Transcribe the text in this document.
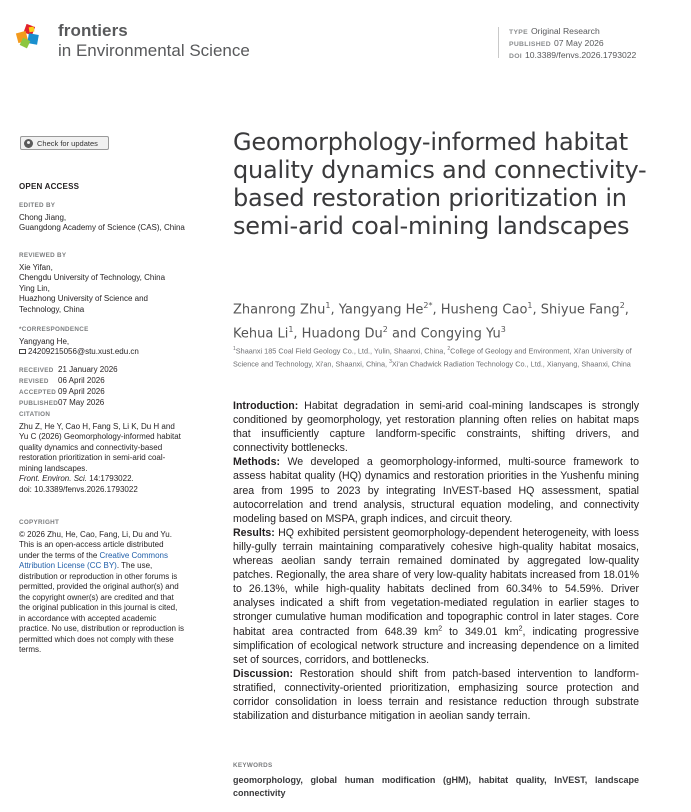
frontiers
in Environmental Science
TYPE Original Research
PUBLISHED 07 May 2026
DOI 10.3389/fenvs.2026.1793022
Check for updates
OPEN ACCESS
EDITED BY
Chong Jiang,
Guangdong Academy of Science (CAS), China
REVIEWED BY
Xie Yifan,
Chengdu University of Technology, China
Ying Lin,
Huazhong University of Science and Technology, China
*CORRESPONDENCE
Yangyang He,
24209215056@stu.xust.edu.cn
RECEIVED 21 January 2026
REVISED 06 April 2026
ACCEPTED 09 April 2026
PUBLISHED07 May 2026
CITATION
Zhu Z, He Y, Cao H, Fang S, Li K, Du H and Yu C (2026) Geomorphology-informed habitat quality dynamics and connectivity-based restoration prioritization in semi-arid coal-mining landscapes.
Front. Environ. Sci. 14:1793022.
doi: 10.3389/fenvs.2026.1793022
COPYRIGHT
© 2026 Zhu, He, Cao, Fang, Li, Du and Yu. This is an open-access article distributed under the terms of the Creative Commons Attribution License (CC BY). The use, distribution or reproduction in other forums is permitted, provided the original author(s) and the copyright owner(s) are credited and that the original publication in this journal is cited, in accordance with accepted academic practice. No use, distribution or reproduction is permitted which does not comply with these terms.
Geomorphology-informed habitat quality dynamics and connectivity-based restoration prioritization in semi-arid coal-mining landscapes
Zhanrong Zhu$^1$, Yangyang $He^{2*}$, Husheng Cao$^1$, Shiyue Fang$^2$, Kehua Li$^1$, Huadong Du$^2$ and Congying Yu$^3$
$^1$Shaanxi 185 Coal Field Geology Co., Ltd., Yulin, Shaanxi, China, $^2$College of Geology and Environment, Xi'an University of Science and Technology, Xi'an, Shaanxi, China, $^3$Xi'an Chadwick Radiation Technology Co., Ltd., Xianyang, Shaanxi, China

Introduction: Habitat degradation in semi-arid coal-mining landscapes is strongly conditioned by geomorphology, yet restoration planning often relies on habitat maps that insufficiently capture landform-specific constraints, shifting drivers, and connectivity bottlenecks.

Methods: We developed a geomorphology-informed, multi-source framework to assess habitat quality (HQ) dynamics and restoration priorities in the Yushenfu mining area from 1995 to 2023 by integrating InVEST-based HQ assessment, spatial autocorrelation and trend analysis, structural equation modeling, and connectivity modeling based on MSPA, graph indices, and circuit theory.

Results: HQ exhibited persistent geomorphology-dependent heterogeneity, with loess hilly-gully terrain maintaining comparatively cohesive high-quality habitat mosaics, whereas aeolian sandy terrain remained dominated by aggregated low-quality patches. Regionally, the area share of very low-quality habitats increased from 18.01% to 26.13%, while high-quality habitats declined from 60.34% to 54.59%. Driver analyses indicated a shift from vegetation-mediated regulation in earlier stages to stronger cumulative human modification and topographic control in later stages. Core habitat area contracted from 648.39 $km^2$ to 349.01 $km^2$, indicating progressive simplification of ecological network structure and increasing dependence on a limited set of sources, corridors, and bottlenecks.

Discussion: Restoration should shift from patch-based intervention to landform-stratified, connectivity-oriented prioritization, emphasizing source protection and corridor consolidation in loess terrain and resistance reduction through substrate stabilization and disturbance mitigation in aeolian sandy terrain.

KEYWORDS
geomorphology, global human modification (gHM), habitat quality, InVEST, landscape connectivity
